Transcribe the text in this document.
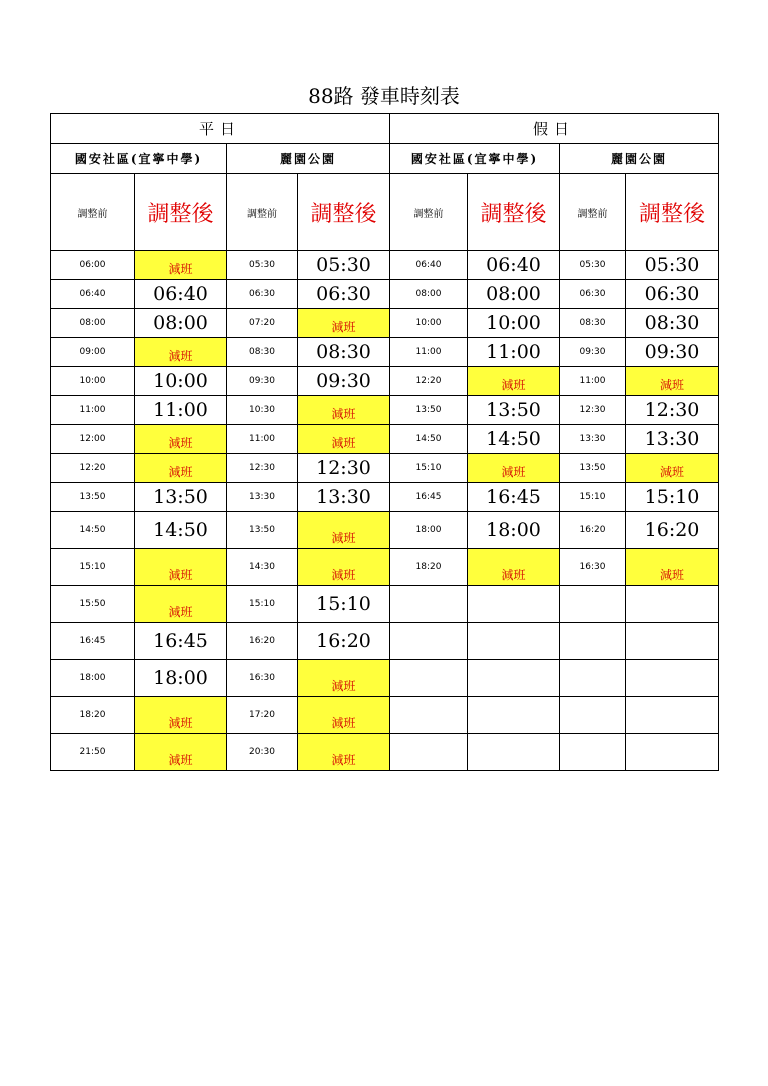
88路 發車時刻表
平日				假日			
國安社區(宜寧中學)		麗園公園		國安社區(宜寧中學)		麗園公園	
調整前	調整後	調整前	調整後	調整前	調整後	調整前	調整後
06:00	減班	05:30	05:30	06:40	06:40	05:30	05:30
06:40	06:40	06:30	06:30	08:00	08:00	06:30	06:30
08:00	08:00	07:20	減班	10:00	10:00	08:30	08:30
09:00	減班	08:30	08:30	11:00	11:00	09:30	09:30
10:00	10:00	09:30	09:30	12:20	減班	11:00	減班
11:00	11:00	10:30	減班	13:50	13:50	12:30	12:30
12:00	減班	11:00	減班	14:50	14:50	13:30	13:30
12:20	減班	12:30	12:30	15:10	減班	13:50	減班
13:50	13:50	13:30	13:30	16:45	16:45	15:10	15:10
14:50	14:50	13:50	減班	18:00	18:00	16:20	16:20
15:10	減班	14:30	減班	18:20	減班	16:30	減班
15:50	減班	15:10	15:10				
16:45	16:45	16:20	16:20				
18:00	18:00	16:30	減班				
18:20	減班	17:20	減班				
21:50	減班	20:30	減班				
